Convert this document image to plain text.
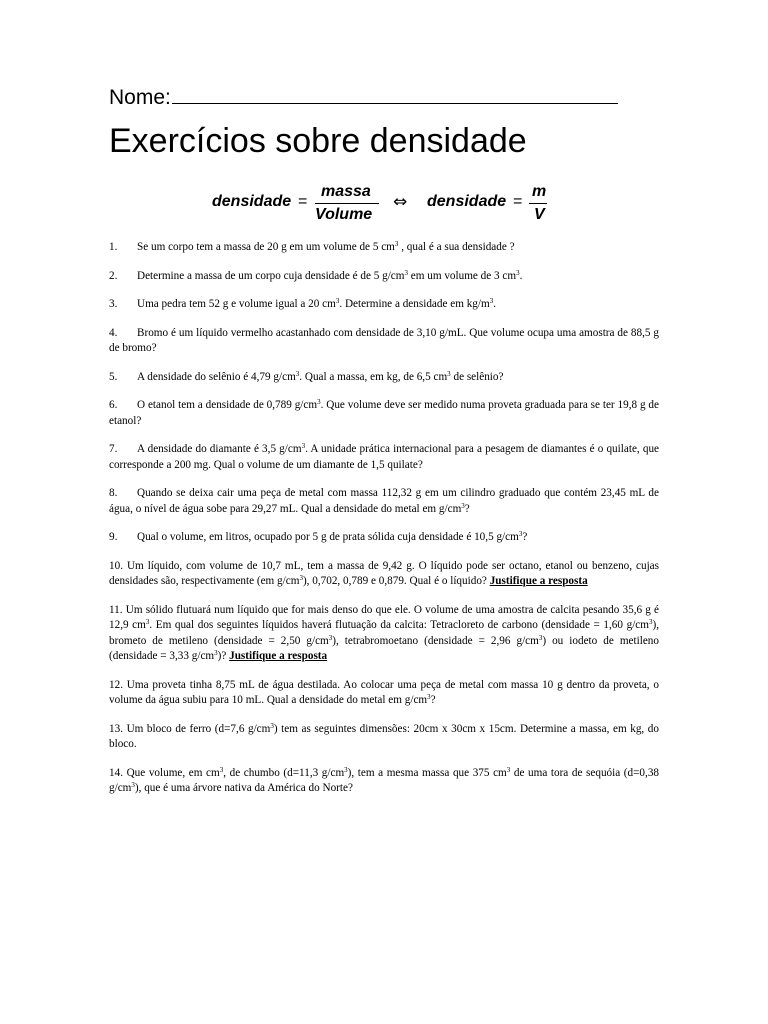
Nome:
Exercícios sobre densidade
densidade =
massa
Volume
⇔ densidade =
m
V

1. Se um corpo tem a massa de 20 g em um volume de 5 $cm^3$ , qual é a sua densidade ?

2. Determine a massa de um corpo cuja densidade é de 5 $g/cm^3$ em um volume de 3 $cm^3$.

3. Uma pedra tem 52 g e volume igual a 20 $cm^3$. Determine a densidade em $kg/m^3$.

4. Bromo é um líquido vermelho acastanhado com densidade de 3,10 g/mL. Que volume ocupa uma amostra de 88,5 g de bromo?

5. A densidade do selênio é 4,79 $g/cm^3$. Qual a massa, em kg, de 6,5 $cm^3$ de selênio?

6. O etanol tem a densidade de 0,789 $g/cm^3$. Que volume deve ser medido numa proveta graduada para se ter 19,8 g de etanol?

7. A densidade do diamante é 3,5 $g/cm^3$. A unidade prática internacional para a pesagem de diamantes é o quilate, que corresponde a 200 mg. Qual o volume de um diamante de 1,5 quilate?

8. Quando se deixa cair uma peça de metal com massa 112,32 g em um cilindro graduado que contém 23,45 mL de água, o nível de água sobe para 29,27 mL. Qual a densidade do metal em $g/cm^3$?

9. Qual o volume, em litros, ocupado por 5 g de prata sólida cuja densidade é 10,5 $g/cm^3$?

10. Um líquido, com volume de 10,7 mL, tem a massa de 9,42 g. O líquido pode ser octano, etanol ou benzeno, cujas densidades são, respectivamente (em $g/cm^3$), 0,702, 0,789 e 0,879. Qual é o líquido? Justifique a resposta

11. Um sólido flutuará num líquido que for mais denso do que ele. O volume de uma amostra de calcita pesando 35,6 g é 12,9 $cm^3$. Em qual dos seguintes líquidos haverá flutuação da calcita: Tetracloreto de carbono (densidade = 1,60 $g/cm^3$), brometo de metileno (densidade = 2,50 $g/cm^3$), tetrabromoetano (densidade = 2,96 $g/cm^3$) ou iodeto de metileno (densidade = 3,33 $g/cm^3$)? Justifique a resposta

12. Uma proveta tinha 8,75 mL de água destilada. Ao colocar uma peça de metal com massa 10 g dentro da proveta, o volume da água subiu para 10 mL. Qual a densidade do metal em $g/cm^3$?

13. Um bloco de ferro (d=7,6 $g/cm^3$) tem as seguintes dimensões: 20cm x 30cm x 15cm. Determine a massa, em kg, do bloco.

14. Que volume, em $cm^3$, de chumbo (d=11,3 $g/cm^3$), tem a mesma massa que 375 $cm^3$ de uma tora de sequóia (d=0,38 $g/cm^3$), que é uma árvore nativa da América do Norte?
